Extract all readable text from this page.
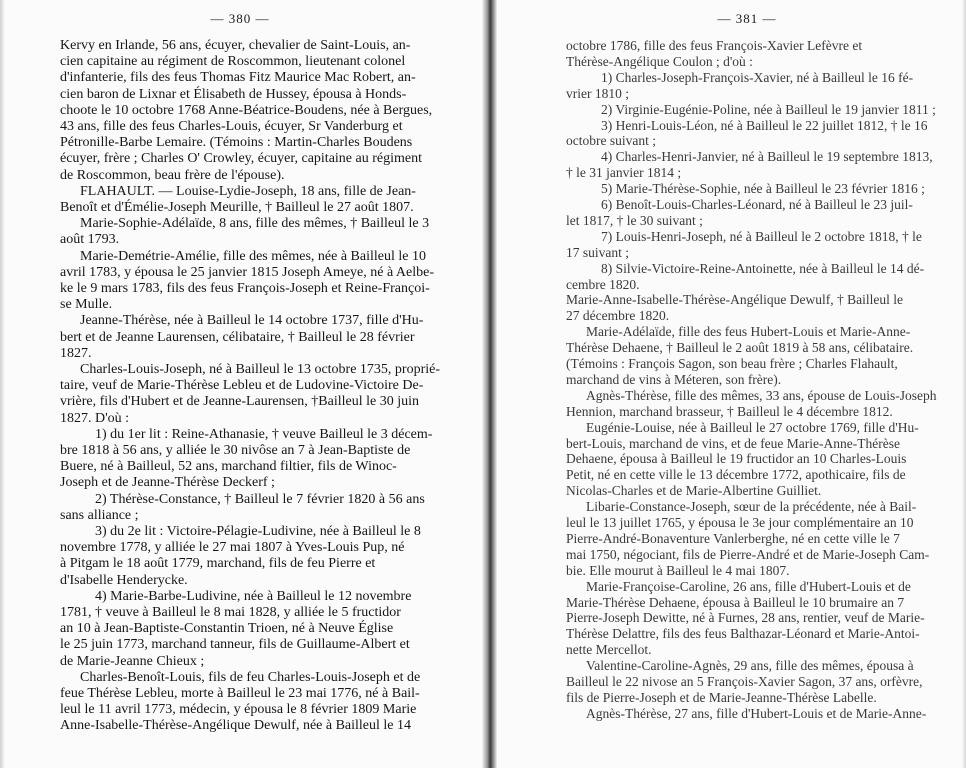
— 380 —
Kervy en Irlande, 56 ans, écuyer, chevalier de Saint-Louis, an-
cien capitaine au régiment de Roscommon, lieutenant colonel
d'infanterie, fils des feus Thomas Fitz Maurice Mac Robert, an-
cien baron de Lixnar et Élisabeth de Hussey, épousa à Honds-
choote le 10 octobre 1768 Anne-Béatrice-Boudens, née à Bergues,
43 ans, fille des feus Charles-Louis, écuyer, Sr Vanderburg et
Pétronille-Barbe Lemaire. (Témoins : Martin-Charles Boudens
écuyer, frère ; Charles O' Crowley, écuyer, capitaine au régiment
de Roscommon, beau frère de l'épouse).
FLAHAULT. — Louise-Lydie-Joseph, 18 ans, fille de Jean-
Benoît et d'Émélie-Joseph Meurille, † Bailleul le 27 août 1807.
Marie-Sophie-Adélaïde, 8 ans, fille des mêmes, † Bailleul le 3
août 1793.
Marie-Demétrie-Amélie, fille des mêmes, née à Bailleul le 10
avril 1783, y épousa le 25 janvier 1815 Joseph Ameye, né à Aelbe-
ke le 9 mars 1783, fils des feus François-Joseph et Reine-Françoi-
se Mulle.
Jeanne-Thérèse, née à Bailleul le 14 octobre 1737, fille d'Hu-
bert et de Jeanne Laurensen, célibataire, † Bailleul le 28 février
1827.
Charles-Louis-Joseph, né à Bailleul le 13 octobre 1735, proprié-
taire, veuf de Marie-Thérèse Lebleu et de Ludovine-Victoire De-
vrière, fils d'Hubert et de Jeanne-Laurensen, †Bailleul le 30 juin
1827. D'où :
1) du 1er lit : Reine-Athanasie, † veuve Bailleul le 3 décem-
bre 1818 à 56 ans, y alliée le 30 nivôse an 7 à Jean-Baptiste de
Buere, né à Bailleul, 52 ans, marchand filtier, fils de Winoc-
Joseph et de Jeanne-Thérèse Deckerf ;
2) Thérèse-Constance, † Bailleul le 7 février 1820 à 56 ans
sans alliance ;
3) du 2e lit : Victoire-Pélagie-Ludivine, née à Bailleul le 8
novembre 1778, y alliée le 27 mai 1807 à Yves-Louis Pup, né
à Pitgam le 18 août 1779, marchand, fils de feu Pierre et
d'Isabelle Henderycke.
4) Marie-Barbe-Ludivine, née à Bailleul le 12 novembre
1781, † veuve à Bailleul le 8 mai 1828, y alliée le 5 fructidor
an 10 à Jean-Baptiste-Constantin Trioen, né à Neuve Église
le 25 juin 1773, marchand tanneur, fils de Guillaume-Albert et
de Marie-Jeanne Chieux ;
Charles-Benoît-Louis, fils de feu Charles-Louis-Joseph et de
feue Thérèse Lebleu, morte à Bailleul le 23 mai 1776, né à Bail-
leul le 11 avril 1773, médecin, y épousa le 8 février 1809 Marie
Anne-Isabelle-Thérèse-Angélique Dewulf, née à Bailleul le 14
— 381 —
octobre 1786, fille des feus François-Xavier Lefèvre et
Thérèse-Angélique Coulon ; d'où :
1) Charles-Joseph-François-Xavier, né à Bailleul le 16 fé-
vrier 1810 ;
2) Virginie-Eugénie-Poline, née à Bailleul le 19 janvier 1811 ;
3) Henri-Louis-Léon, né à Bailleul le 22 juillet 1812, † le 16
octobre suivant ;
4) Charles-Henri-Janvier, né à Bailleul le 19 septembre 1813,
† le 31 janvier 1814 ;
5) Marie-Thérèse-Sophie, née à Bailleul le 23 février 1816 ;
6) Benoît-Louis-Charles-Léonard, né à Bailleul le 23 juil-
let 1817, † le 30 suivant ;
7) Louis-Henri-Joseph, né à Bailleul le 2 octobre 1818, † le
17 suivant ;
8) Silvie-Victoire-Reine-Antoinette, née à Bailleul le 14 dé-
cembre 1820.
Marie-Anne-Isabelle-Thérèse-Angélique Dewulf, † Bailleul le
27 décembre 1820.
Marie-Adélaïde, fille des feus Hubert-Louis et Marie-Anne-
Thérèse Dehaene, † Bailleul le 2 août 1819 à 58 ans, célibataire.
(Témoins : François Sagon, son beau frère ; Charles Flahault,
marchand de vins à Méteren, son frère).
Agnès-Thérèse, fille des mêmes, 33 ans, épouse de Louis-Joseph
Hennion, marchand brasseur, † Bailleul le 4 décembre 1812.
Eugénie-Louise, née à Bailleul le 27 octobre 1769, fille d'Hu-
bert-Louis, marchand de vins, et de feue Marie-Anne-Thérèse
Dehaene, épousa à Bailleul le 19 fructidor an 10 Charles-Louis
Petit, né en cette ville le 13 décembre 1772, apothicaire, fils de
Nicolas-Charles et de Marie-Albertine Guilliet.
Libarie-Constance-Joseph, sœur de la précédente, née à Bail-
leul le 13 juillet 1765, y épousa le 3e jour complémentaire an 10
Pierre-André-Bonaventure Vanlerberghe, né en cette ville le 7
mai 1750, négociant, fils de Pierre-André et de Marie-Joseph Cam-
bie. Elle mourut à Bailleul le 4 mai 1807.
Marie-Françoise-Caroline, 26 ans, fille d'Hubert-Louis et de
Marie-Thérèse Dehaene, épousa à Bailleul le 10 brumaire an 7
Pierre-Joseph Dewitte, né à Furnes, 28 ans, rentier, veuf de Marie-
Thérèse Delattre, fils des feus Balthazar-Léonard et Marie-Antoi-
nette Mercellot.
Valentine-Caroline-Agnès, 29 ans, fille des mêmes, épousa à
Bailleul le 22 nivose an 5 François-Xavier Sagon, 37 ans, orfèvre,
fils de Pierre-Joseph et de Marie-Jeanne-Thérèse Labelle.
Agnès-Thérèse, 27 ans, fille d'Hubert-Louis et de Marie-Anne-
